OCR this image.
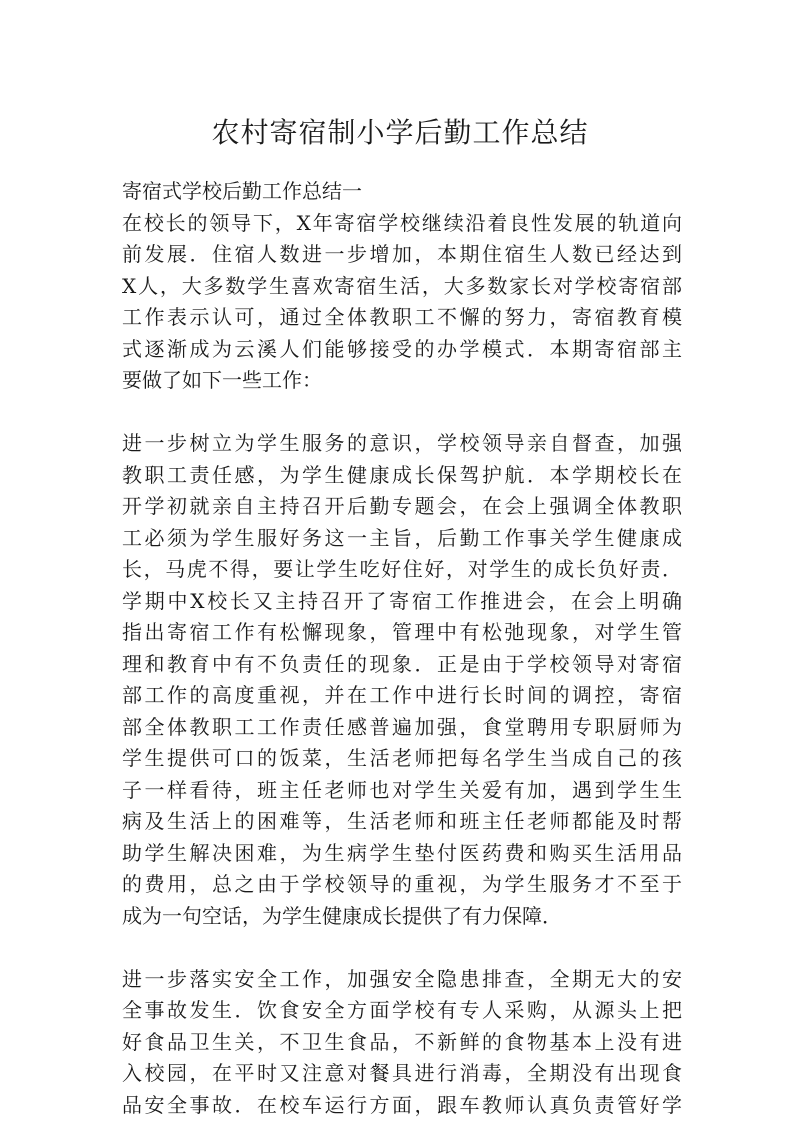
农村寄宿制小学后勤工作总结
寄宿式学校后勤工作总结一
在校长的领导下，X年寄宿学校继续沿着良性发展的轨道向
前发展．住宿人数进一步增加，本期住宿生人数已经达到
X人，大多数学生喜欢寄宿生活，大多数家长对学校寄宿部
工作表示认可，通过全体教职工不懈的努力，寄宿教育模
式逐渐成为云溪人们能够接受的办学模式．本期寄宿部主
要做了如下一些工作：
进一步树立为学生服务的意识，学校领导亲自督查，加强
教职工责任感，为学生健康成长保驾护航．本学期校长在
开学初就亲自主持召开后勤专题会，在会上强调全体教职
工必须为学生服好务这一主旨，后勤工作事关学生健康成
长，马虎不得，要让学生吃好住好，对学生的成长负好责．
学期中X校长又主持召开了寄宿工作推进会，在会上明确
指出寄宿工作有松懈现象，管理中有松弛现象，对学生管
理和教育中有不负责任的现象．正是由于学校领导对寄宿
部工作的高度重视，并在工作中进行长时间的调控，寄宿
部全体教职工工作责任感普遍加强，食堂聘用专职厨师为
学生提供可口的饭菜，生活老师把每名学生当成自己的孩
子一样看待，班主任老师也对学生关爱有加，遇到学生生
病及生活上的困难等，生活老师和班主任老师都能及时帮
助学生解决困难，为生病学生垫付医药费和购买生活用品
的费用，总之由于学校领导的重视，为学生服务才不至于
成为一句空话，为学生健康成长提供了有力保障．
进一步落实安全工作，加强安全隐患排查，全期无大的安
全事故发生．饮食安全方面学校有专人采购，从源头上把
好食品卫生关，不卫生食品，不新鲜的食物基本上没有进
入校园，在平时又注意对餐具进行消毒，全期没有出现食
品安全事故．在校车运行方面，跟车教师认真负责管好学
